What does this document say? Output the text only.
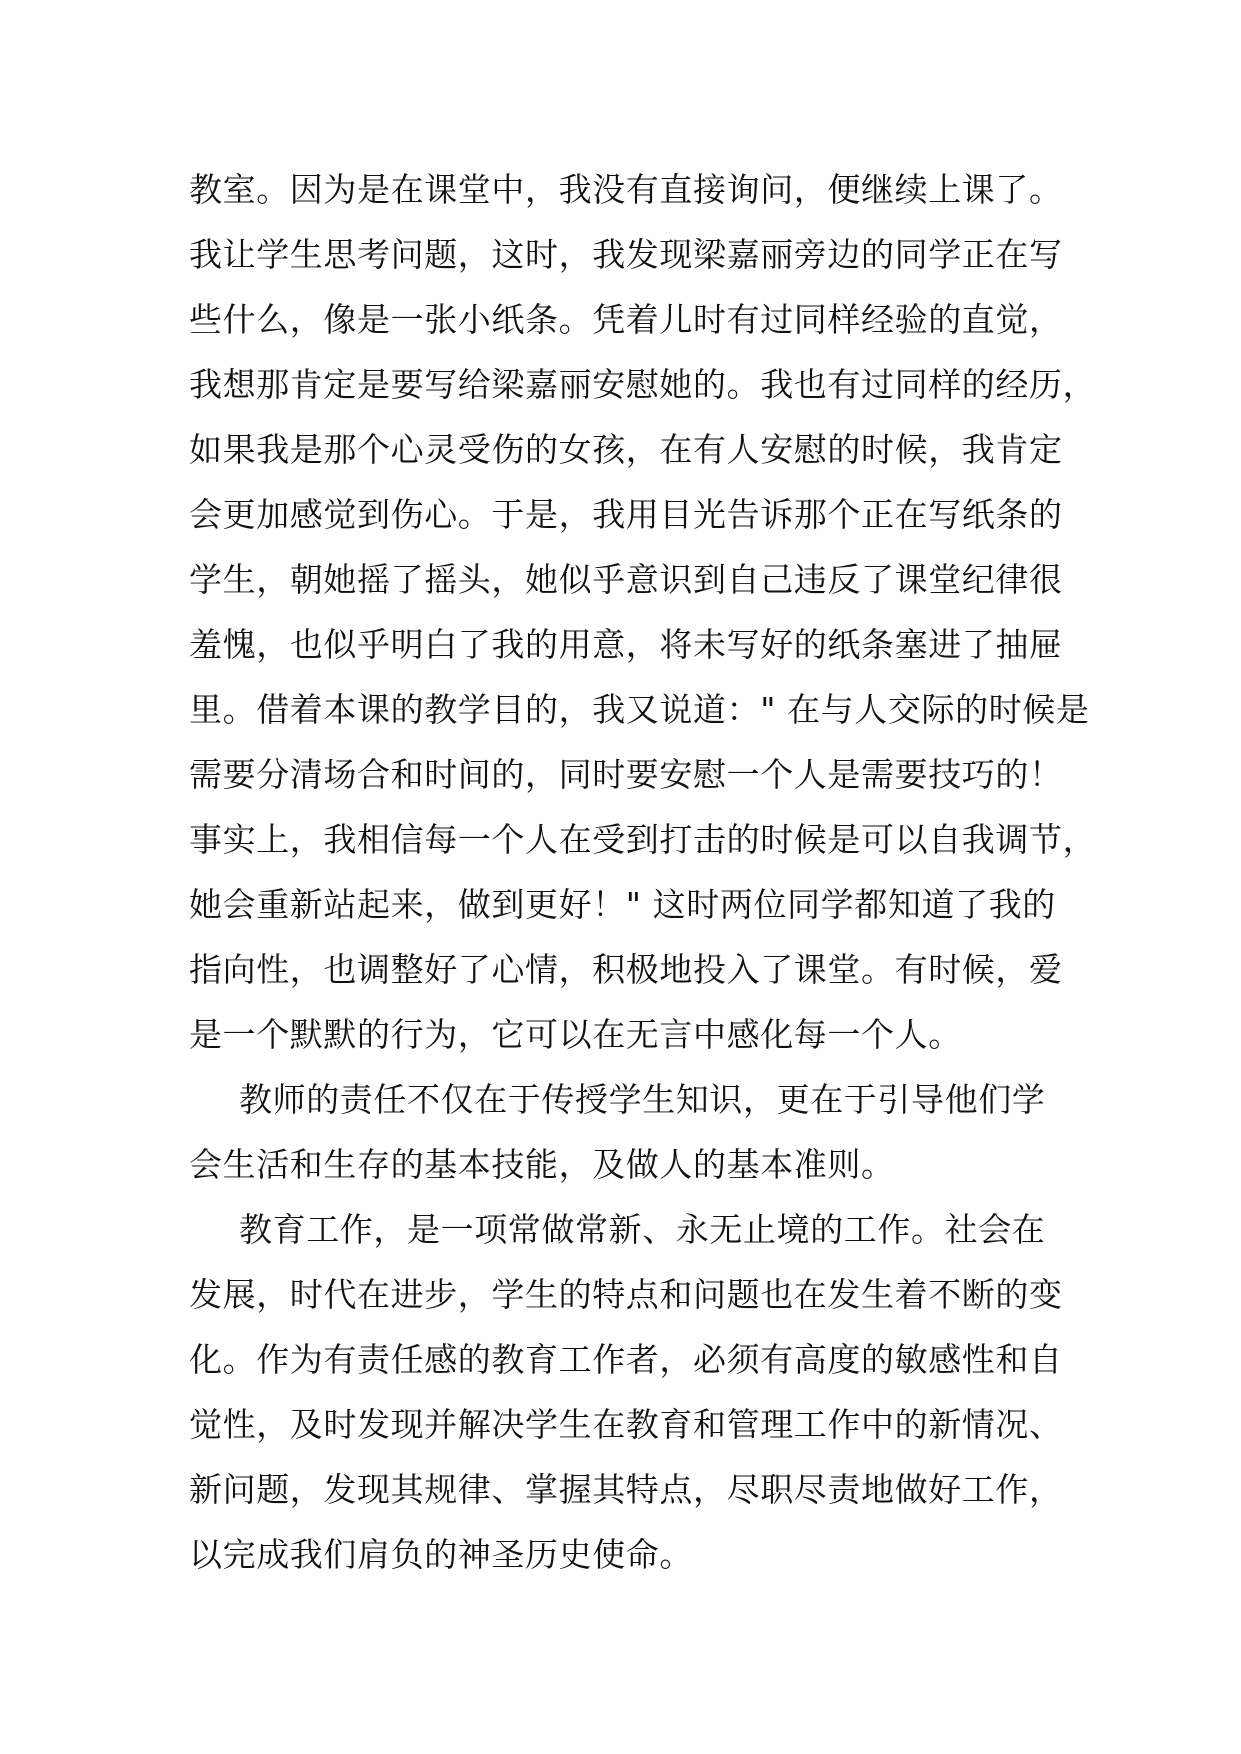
教室。因为是在课堂中，我没有直接询问，便继续上课了。
我让学生思考问题，这时，我发现梁嘉丽旁边的同学正在写
些什么，像是一张小纸条。凭着儿时有过同样经验的直觉，
我想那肯定是要写给梁嘉丽安慰她的。我也有过同样的经历，
如果我是那个心灵受伤的女孩，在有人安慰的时候，我肯定
会更加感觉到伤心。于是，我用目光告诉那个正在写纸条的
学生，朝她摇了摇头，她似乎意识到自己违反了课堂纪律很
羞愧，也似乎明白了我的用意，将未写好的纸条塞进了抽屉
里。借着本课的教学目的，我又说道：" 在与人交际的时候是
需要分清场合和时间的，同时要安慰一个人是需要技巧的！
事实上，我相信每一个人在受到打击的时候是可以自我调节，
她会重新站起来，做到更好！" 这时两位同学都知道了我的
指向性，也调整好了心情，积极地投入了课堂。有时候，爱
是一个默默的行为，它可以在无言中感化每一个人。
教师的责任不仅在于传授学生知识，更在于引导他们学
会生活和生存的基本技能，及做人的基本准则。
教育工作，是一项常做常新、永无止境的工作。社会在
发展，时代在进步，学生的特点和问题也在发生着不断的变
化。作为有责任感的教育工作者，必须有高度的敏感性和自
觉性，及时发现并解决学生在教育和管理工作中的新情况、
新问题，发现其规律、掌握其特点，尽职尽责地做好工作，
以完成我们肩负的神圣历史使命。
